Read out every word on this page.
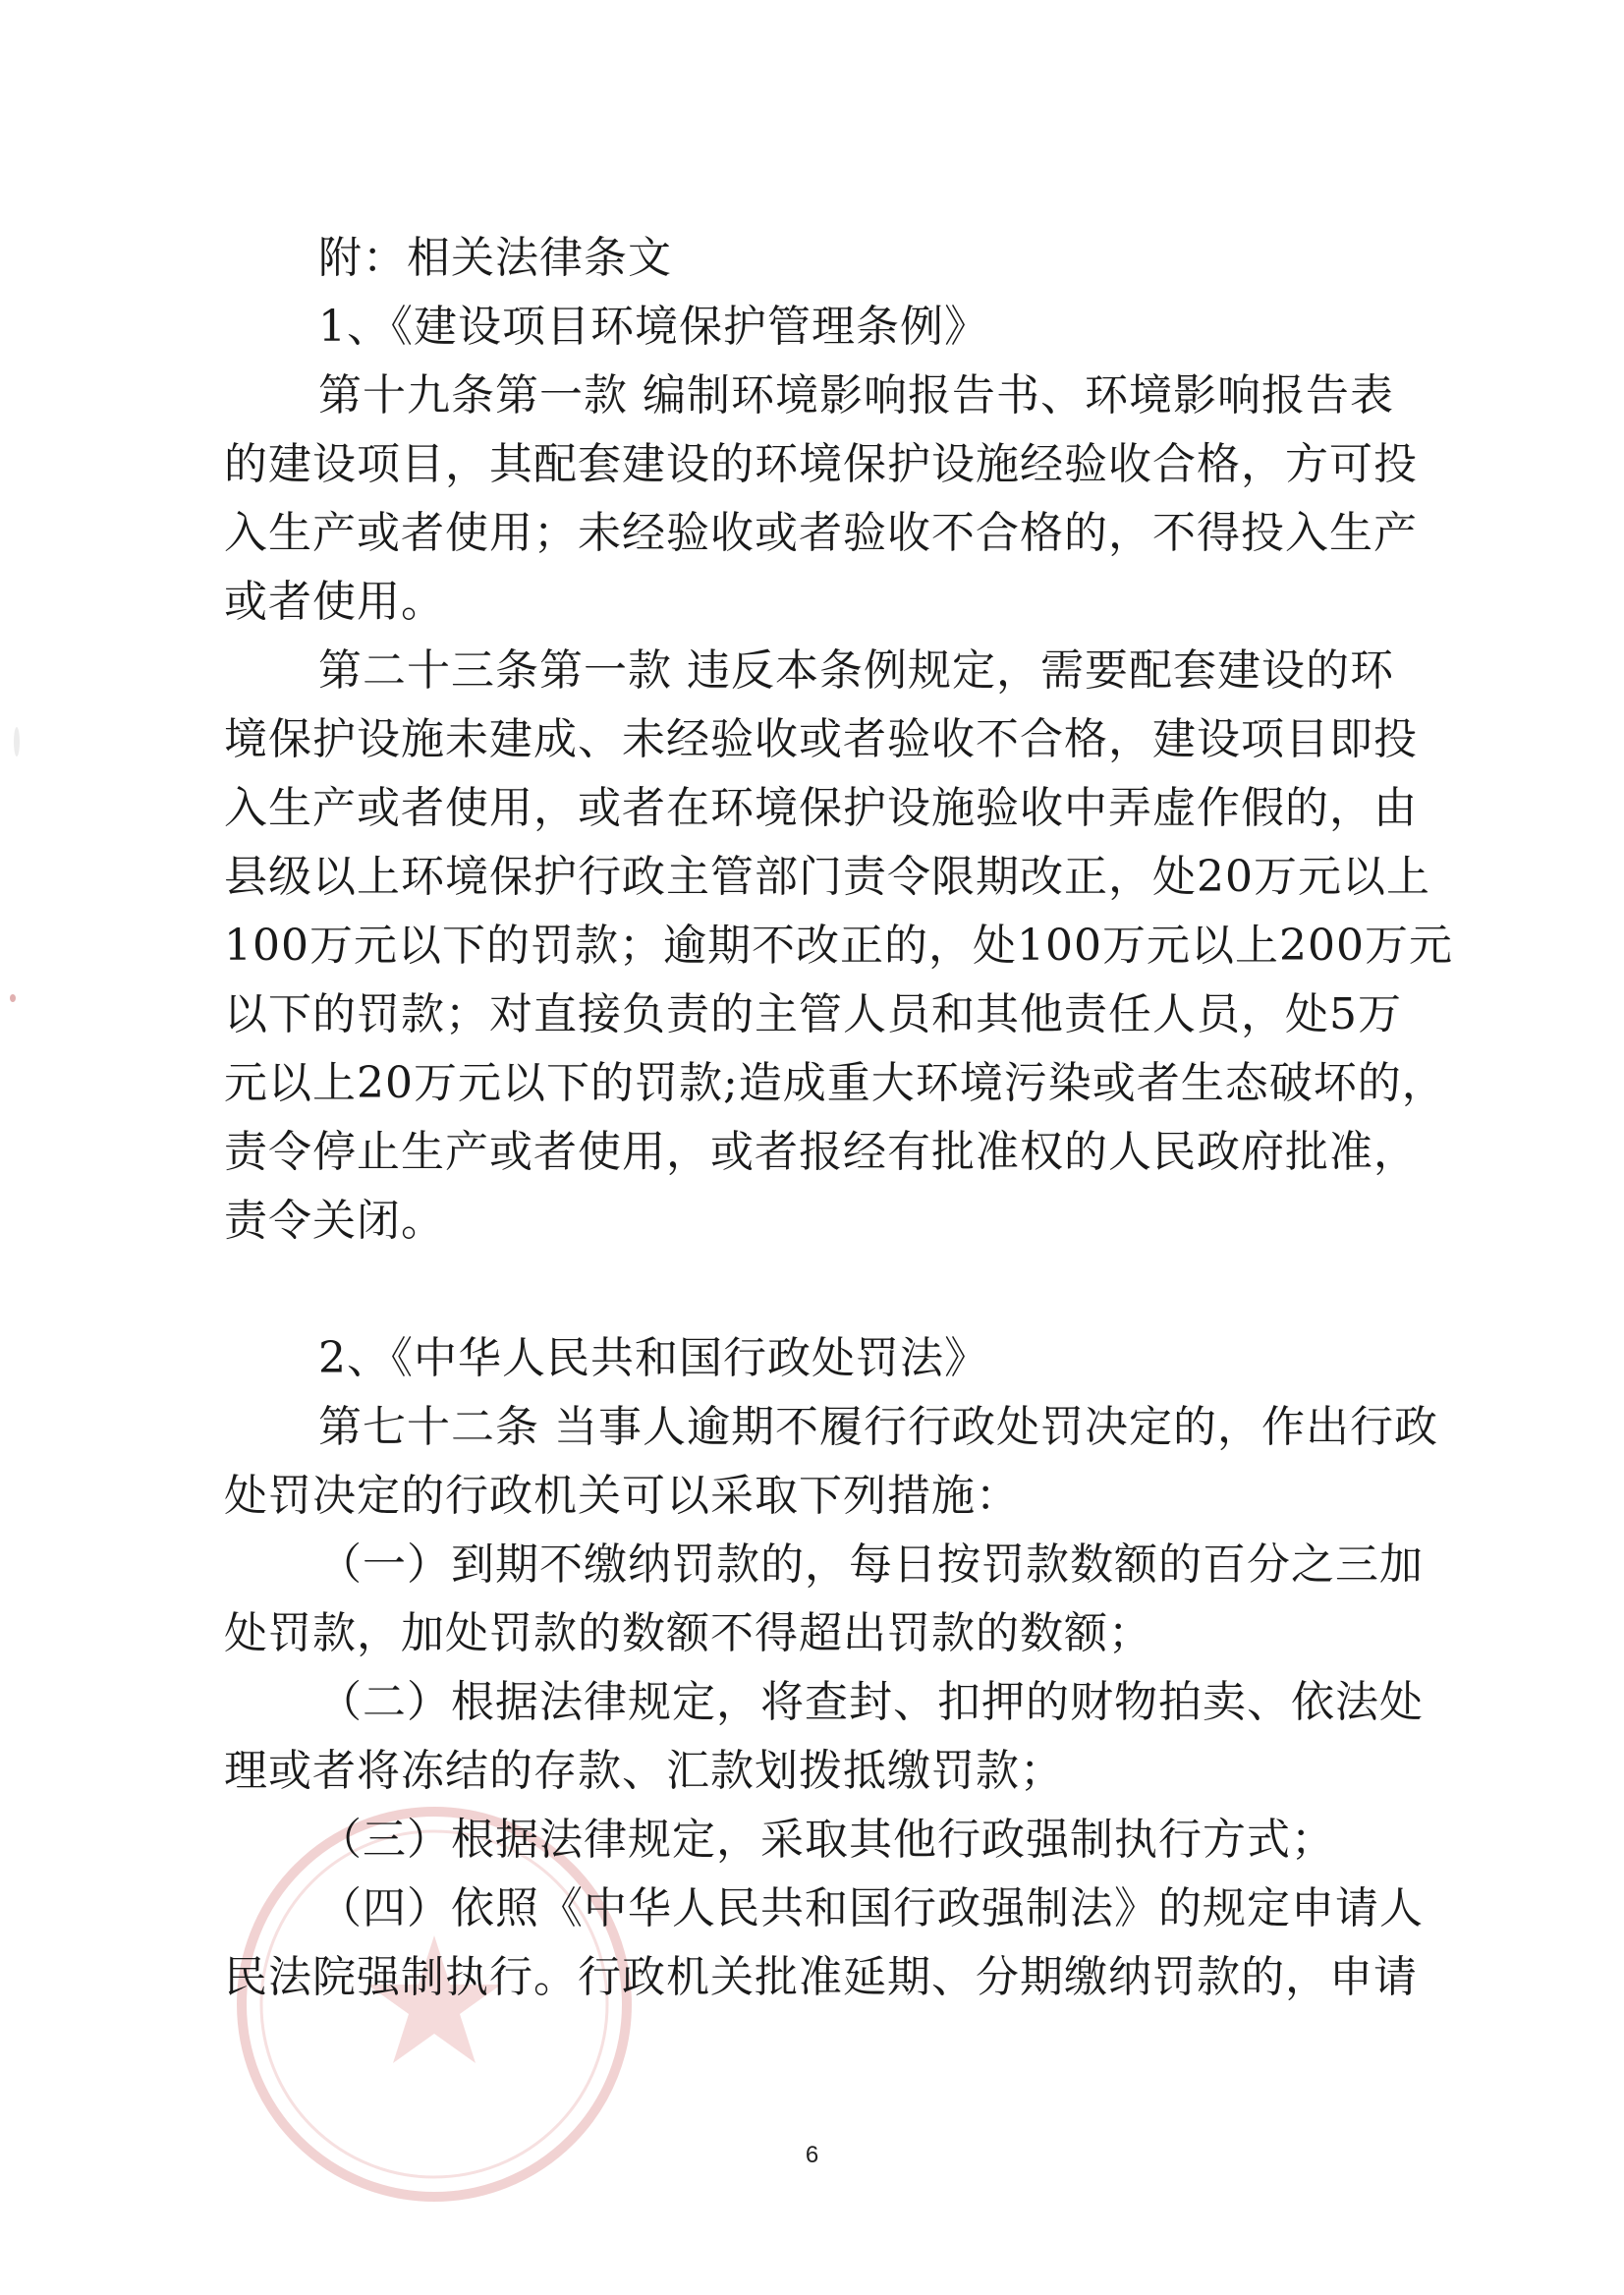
附：相关法律条文
1、《建设项目环境保护管理条例》
第十九条第一款 编制环境影响报告书、环境影响报告表
的建设项目，其配套建设的环境保护设施经验收合格，方可投
入生产或者使用；未经验收或者验收不合格的，不得投入生产
或者使用。
第二十三条第一款 违反本条例规定，需要配套建设的环
境保护设施未建成、未经验收或者验收不合格，建设项目即投
入生产或者使用，或者在环境保护设施验收中弄虚作假的，由
县级以上环境保护行政主管部门责令限期改正，处20万元以上
100万元以下的罚款；逾期不改正的，处100万元以上200万元
以下的罚款；对直接负责的主管人员和其他责任人员，处5万
元以上20万元以下的罚款;造成重大环境污染或者生态破坏的，
责令停止生产或者使用，或者报经有批准权的人民政府批准，
责令关闭。
2、《中华人民共和国行政处罚法》
第七十二条 当事人逾期不履行行政处罚决定的，作出行政
处罚决定的行政机关可以采取下列措施：
（一）到期不缴纳罚款的，每日按罚款数额的百分之三加
处罚款，加处罚款的数额不得超出罚款的数额；
（二）根据法律规定，将查封、扣押的财物拍卖、依法处
理或者将冻结的存款、汇款划拨抵缴罚款；
（三）根据法律规定，采取其他行政强制执行方式；
（四）依照《中华人民共和国行政强制法》的规定申请人
民法院强制执行。行政机关批准延期、分期缴纳罚款的，申请
6
